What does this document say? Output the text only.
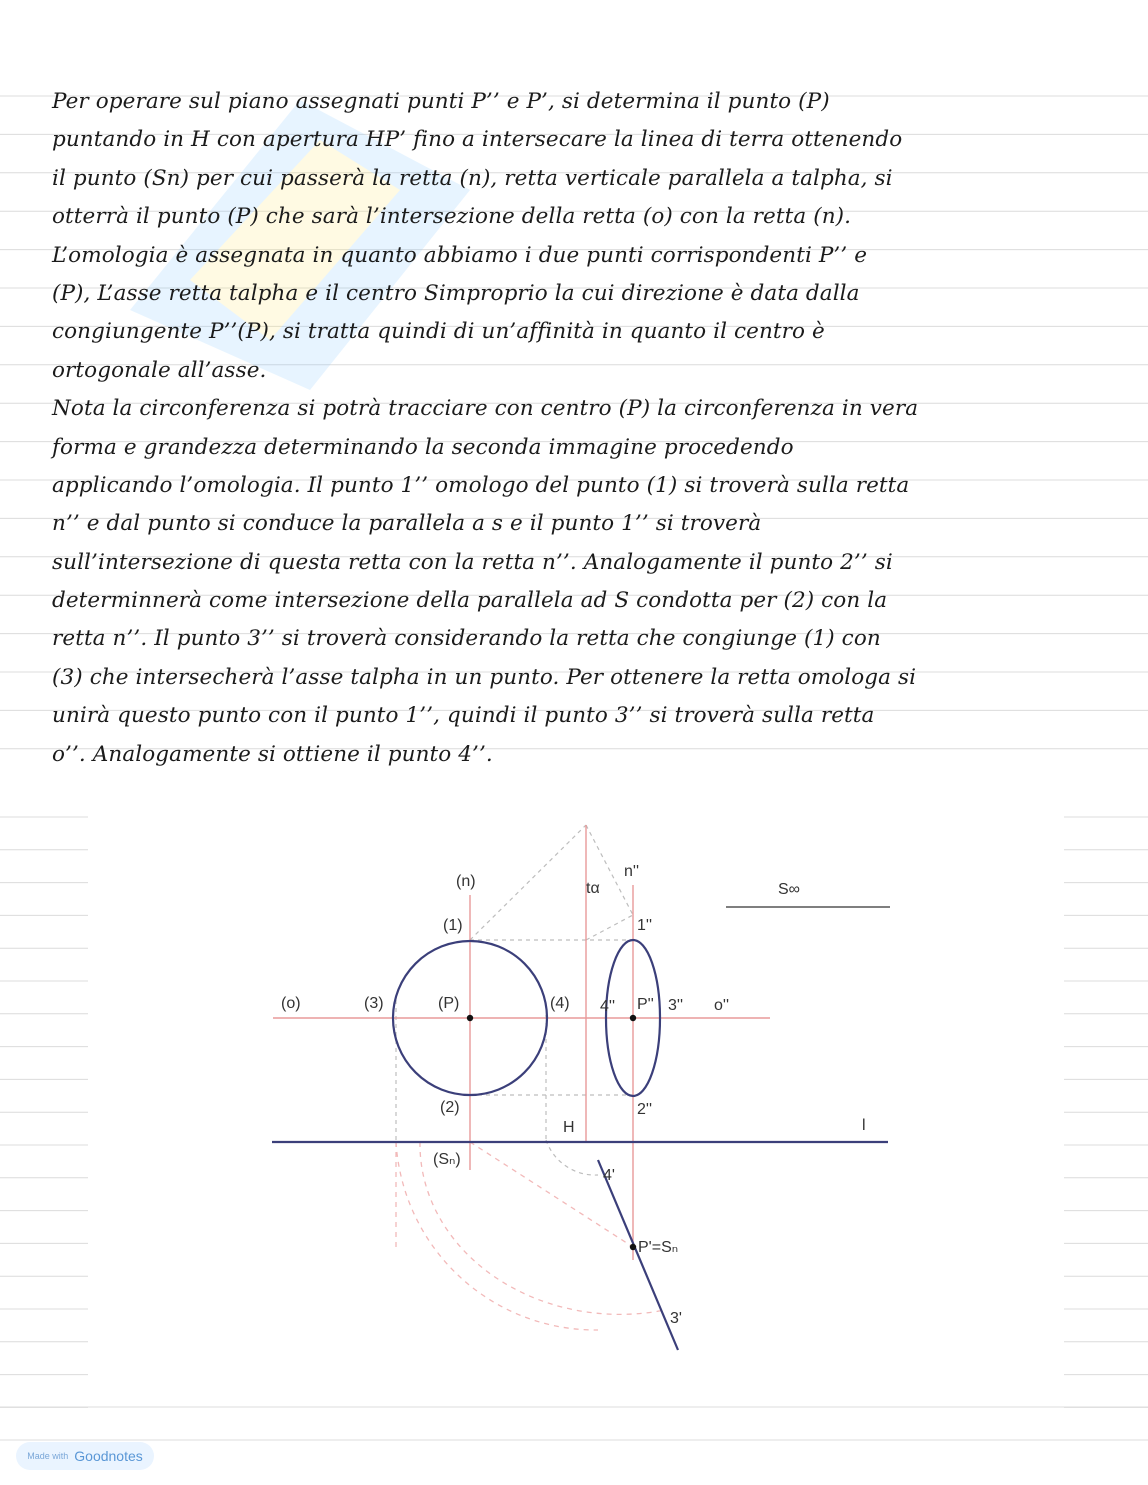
Per operare sul piano assegnati punti P’’ e P’, si determina il punto (P)
puntando in H con apertura HP’ fino a intersecare la linea di terra ottenendo
il punto (Sn) per cui passerà la retta (n), retta verticale parallela a talpha, si
otterrà il punto (P) che sarà l’intersezione della retta (o) con la retta (n).
L’omologia è assegnata in quanto abbiamo i due punti corrispondenti P’’ e
(P), L’asse retta talpha e il centro Simproprio la cui direzione è data dalla
congiungente P’’(P), si tratta quindi di un’affinità in quanto il centro è
ortogonale all’asse.
Nota la circonferenza si potrà tracciare con centro (P) la circonferenza in vera
forma e grandezza determinando la seconda immagine procedendo
applicando l’omologia. Il punto 1’’ omologo del punto (1) si troverà sulla retta
n’’ e dal punto si conduce la parallela a s e il punto 1’’ si troverà
sull’intersezione di questa retta con la retta n’’. Analogamente il punto 2’’ si
determinnerà come intersezione della parallela ad S condotta per (2) con la
retta n’’. Il punto 3’’ si troverà considerando la retta che congiunge (1) con
(3) che intersecherà l’asse talpha in un punto. Per ottenere la retta omologa si
unirà questo punto con il punto 1’’, quindi il punto 3’’ si troverà sulla retta
o’’. Analogamente si ottiene il punto 4’’.
(n)	tα
n''
S∞
(1)	1''
(o)	(3)	(P)	(4) 4'' P'' 3'' o''
(2)	2''
H	l
(Sₙ)
4'
P'=Sₙ
3'
Made with Goodnotes
